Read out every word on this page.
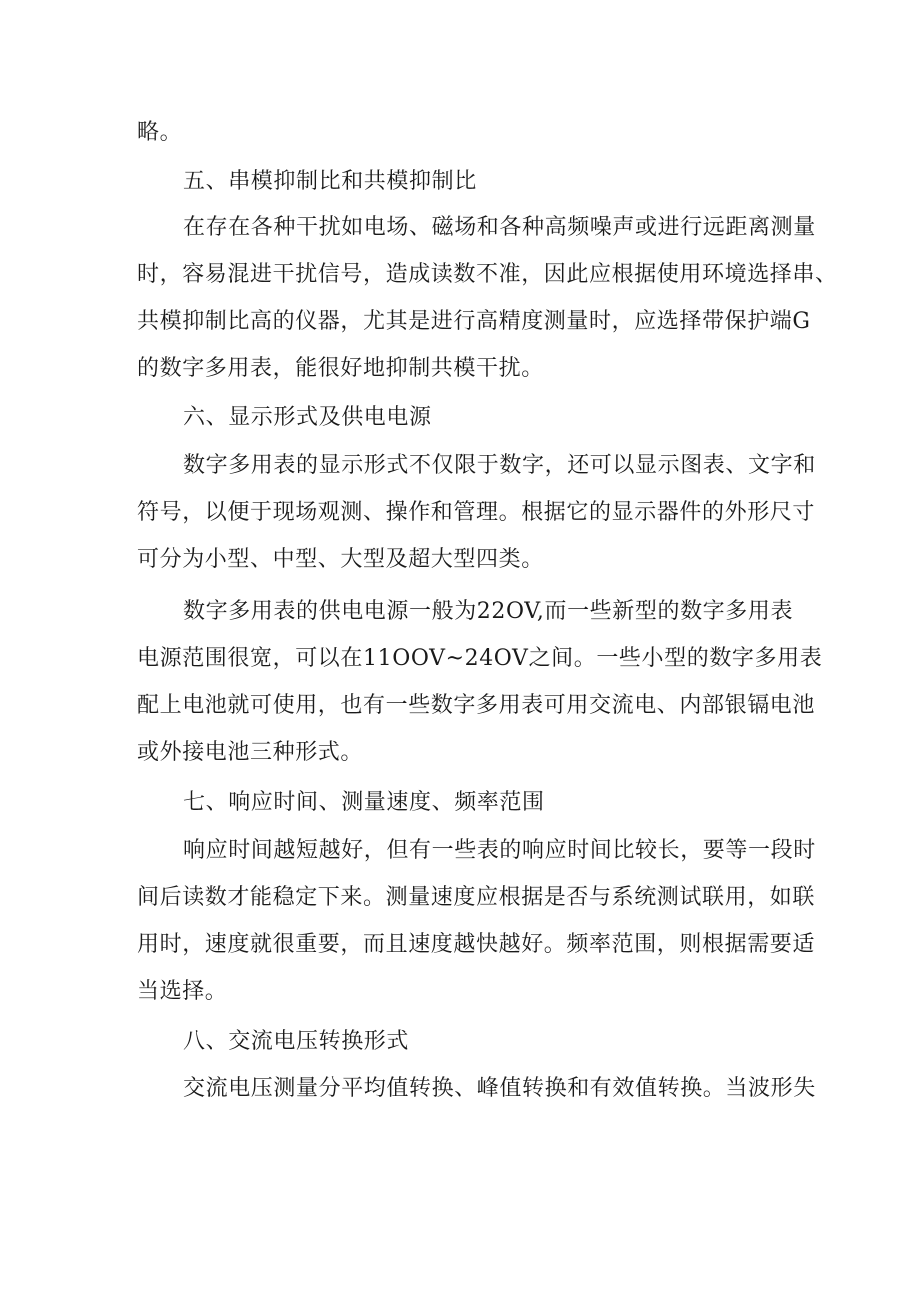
略。
五、串模抑制比和共模抑制比
在存在各种干扰如电场、磁场和各种高频噪声或进行远距离测量
时，容易混进干扰信号，造成读数不准，因此应根据使用环境选择串、
共模抑制比高的仪器，尤其是进行高精度测量时，应选择带保护端G
的数字多用表，能很好地抑制共模干扰。
六、显示形式及供电电源
数字多用表的显示形式不仅限于数字，还可以显示图表、文字和
符号，以便于现场观测、操作和管理。根据它的显示器件的外形尺寸
可分为小型、中型、大型及超大型四类。
数字多用表的供电电源一般为22OV,而一些新型的数字多用表
电源范围很宽，可以在11OOV~24OV之间。一些小型的数字多用表
配上电池就可使用，也有一些数字多用表可用交流电、内部银镉电池
或外接电池三种形式。
七、响应时间、测量速度、频率范围
响应时间越短越好，但有一些表的响应时间比较长，要等一段时
间后读数才能稳定下来。测量速度应根据是否与系统测试联用，如联
用时，速度就很重要，而且速度越快越好。频率范围，则根据需要适
当选择。
八、交流电压转换形式
交流电压测量分平均值转换、峰值转换和有效值转换。当波形失
